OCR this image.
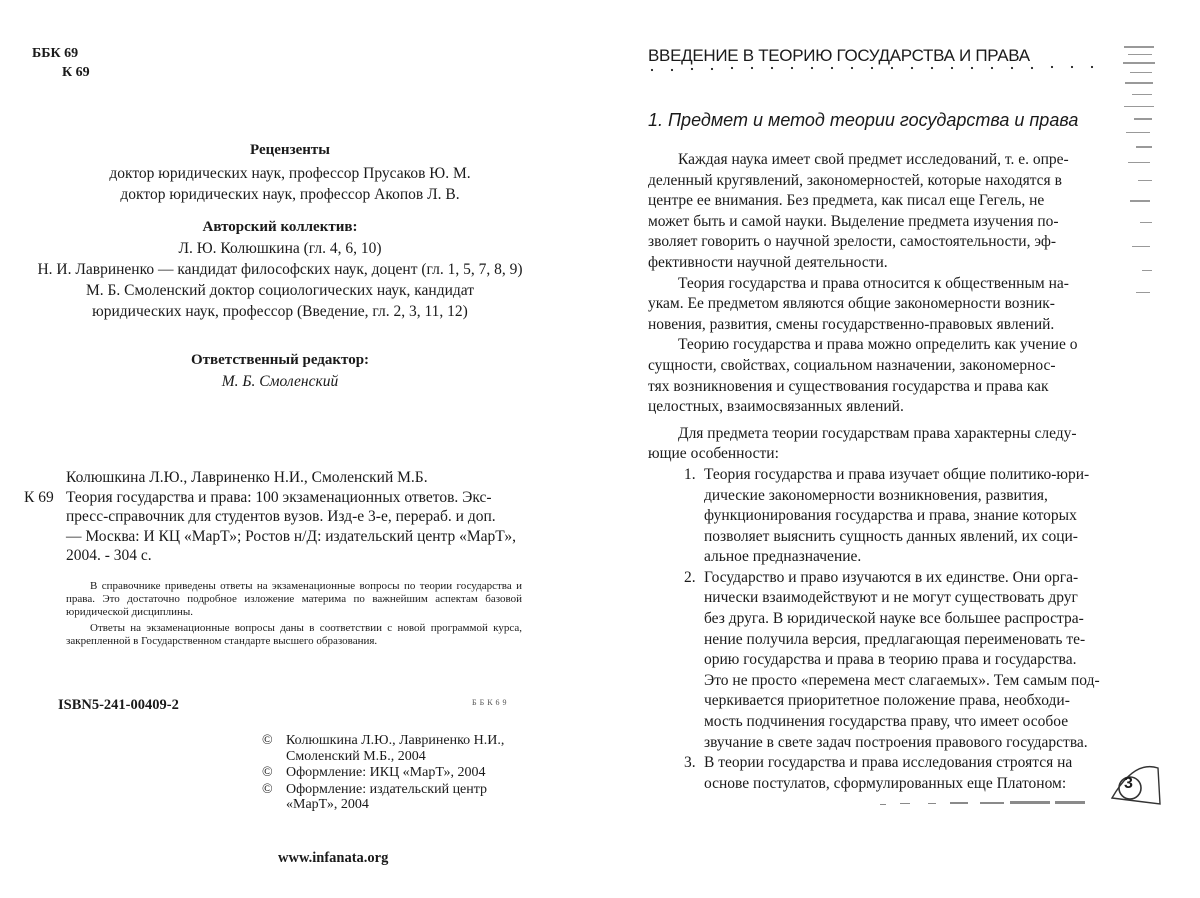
ББК 69
К 69
Рецензенты
доктор юридических наук, профессор Прусаков Ю. М.
доктор юридических наук, профессор Акопов Л. В.
Авторский коллектив:
Л. Ю. Колюшкина (гл. 4, 6, 10)
Н. И. Лавриненко — кандидат философских наук, доцент (гл. 1, 5, 7, 8, 9)
М. Б. Смоленский доктор социологических наук, кандидат
юридических наук, профессор (Введение, гл. 2, 3, 11, 12)
Ответственный редактор:
М. Б. Смоленский
Колюшкина Л.Ю., Лавриненко Н.И., Смоленский М.Б.
К 69 Теория государства и права: 100 экзаменационных ответов. Экс-
пресс-справочник для студентов вузов. Изд-е 3-е, перераб. и доп.
— Москва: И КЦ «МарТ»; Ростов н/Д: издательский центр «МарТ»,
2004. - 304 с.

В справочнике приведены ответы на экзаменационные вопросы по теории государства и права. Это достаточно подробное изложение материма по важнейшим аспектам базовой юридической дисциплины.

Ответы на экзаменационные вопросы даны в соответствии с новой программой курса, закрепленной в Государственном стандарте высшего образования.

ISBN5-241-00409-2	ББК69
© Колюшкина Л.Ю., Лавриненко Н.И., Смоленский М.Б., 2004
© Оформление: ИКЦ «МарТ», 2004
© Оформление: издательский центр «МарТ», 2004
www.infanata.org
ВВЕДЕНИЕ В ТЕОРИЮ ГОСУДАРСТВА И ПРАВА
1. Предмет и метод теории государства и права
Каждая наука имеет свой предмет исследований, т. е. опре-
деленный кругявлений, закономерностей, которые находятся в
центре ее внимания. Без предмета, как писал еще Гегель, не
может быть и самой науки. Выделение предмета изучения по-
зволяет говорить о научной зрелости, самостоятельности, эф-
фективности научной деятельности.
Теория государства и права относится к общественным на-
укам. Ее предметом являются общие закономерности возник-
новения, развития, смены государственно-правовых явлений.
Теорию государства и права можно определить как учение о
сущности, свойствах, социальном назначении, закономернос-
тях возникновения и существования государства и права как
целостных, взаимосвязанных явлений.
Для предмета теории государствам права характерны следу-
ющие особенности:
1. Теория государства и права изучает общие политико-юри-
дические закономерности возникновения, развития,
функционирования государства и права, знание которых
позволяет выяснить сущность данных явлений, их соци-
альное предназначение.
2. Государство и право изучаются в их единстве. Они орга-
нически взаимодействуют и не могут существовать друг
без друга. В юридической науке все большее распростра-
нение получила версия, предлагающая переименовать те-
орию государства и права в теорию права и государства.
Это не просто «перемена мест слагаемых». Тем самым под-
черкивается приоритетное положение права, необходи-
мость подчинения государства праву, что имеет особое
звучание в свете задач построения правового государства.
3. В теории государства и права исследования строятся на
основе постулатов, сформулированных еще Платоном:	3
